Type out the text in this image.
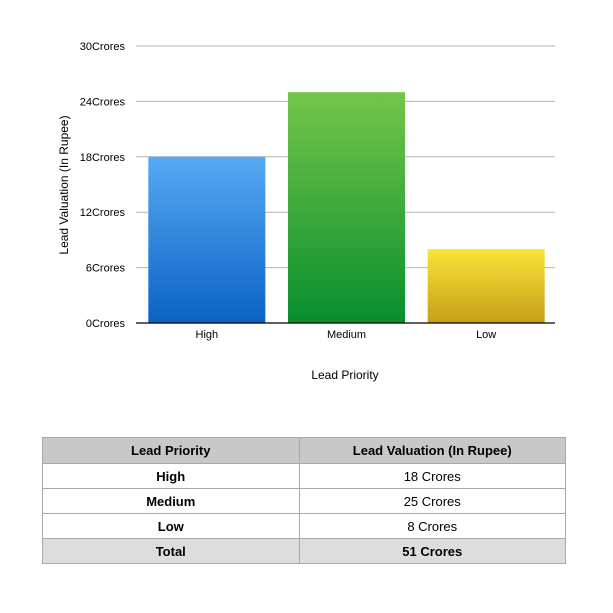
0Crores
6Crores
12Crores
18Crores
24Crores
30Crores
High	Medium	Low
Lead Valuation (In Rupee)
Lead Priority
Lead Priority	Lead Valuation (In Rupee)
High	18 Crores
Medium	25 Crores
Low	8 Crores
Total	51 Crores
